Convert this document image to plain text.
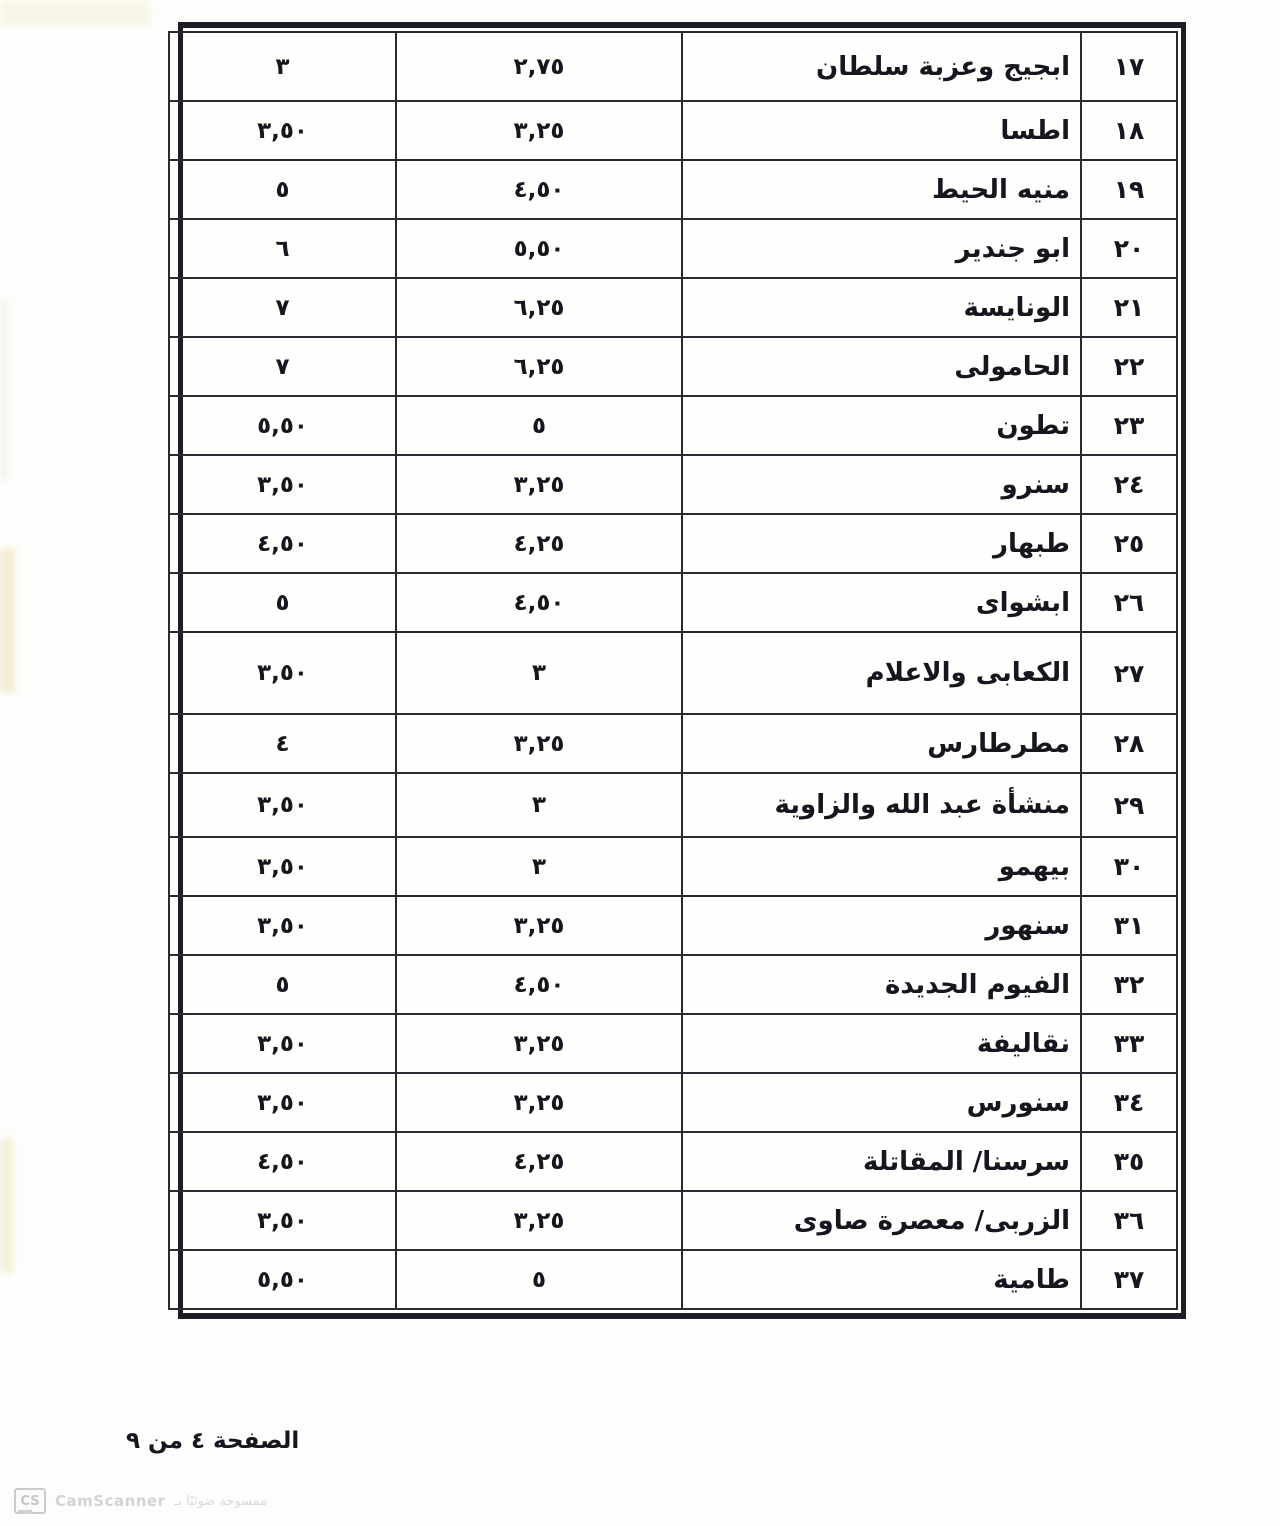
١٧	ابجيج وعزبة سلطان	٢,٧٥	٣
١٨	اطسا	٣,٢٥	٣,٥٠
١٩	منيه الحيط	٤,٥٠	٥
٢٠	ابو جندير	٥,٥٠	٦
٢١	الونايسة	٦,٢٥	٧
٢٢	الحامولى	٦,٢٥	٧
٢٣	تطون	٥	٥,٥٠
٢٤	سنرو	٣,٢٥	٣,٥٠
٢٥	طبهار	٤,٢٥	٤,٥٠
٢٦	ابشواى	٤,٥٠	٥
٢٧	الكعابى والاعلام	٣	٣,٥٠
٢٨	مطرطارس	٣,٢٥	٤
٢٩	منشأة عبد الله والزاوية	٣	٣,٥٠
٣٠	بيهمو	٣	٣,٥٠
٣١	سنهور	٣,٢٥	٣,٥٠
٣٢	الفيوم الجديدة	٤,٥٠	٥
٣٣	نقاليفة	٣,٢٥	٣,٥٠
٣٤	سنورس	٣,٢٥	٣,٥٠
٣٥	سرسنا/ المقاتلة	٤,٢٥	٤,٥٠
٣٦	الزربى/ معصرة صاوى	٣,٢٥	٣,٥٠
٣٧	طامية	٥	٥,٥٠
الصفحة ٤ من ٩
CS	CamScanner ممسوحة ضوئيًا بـ
